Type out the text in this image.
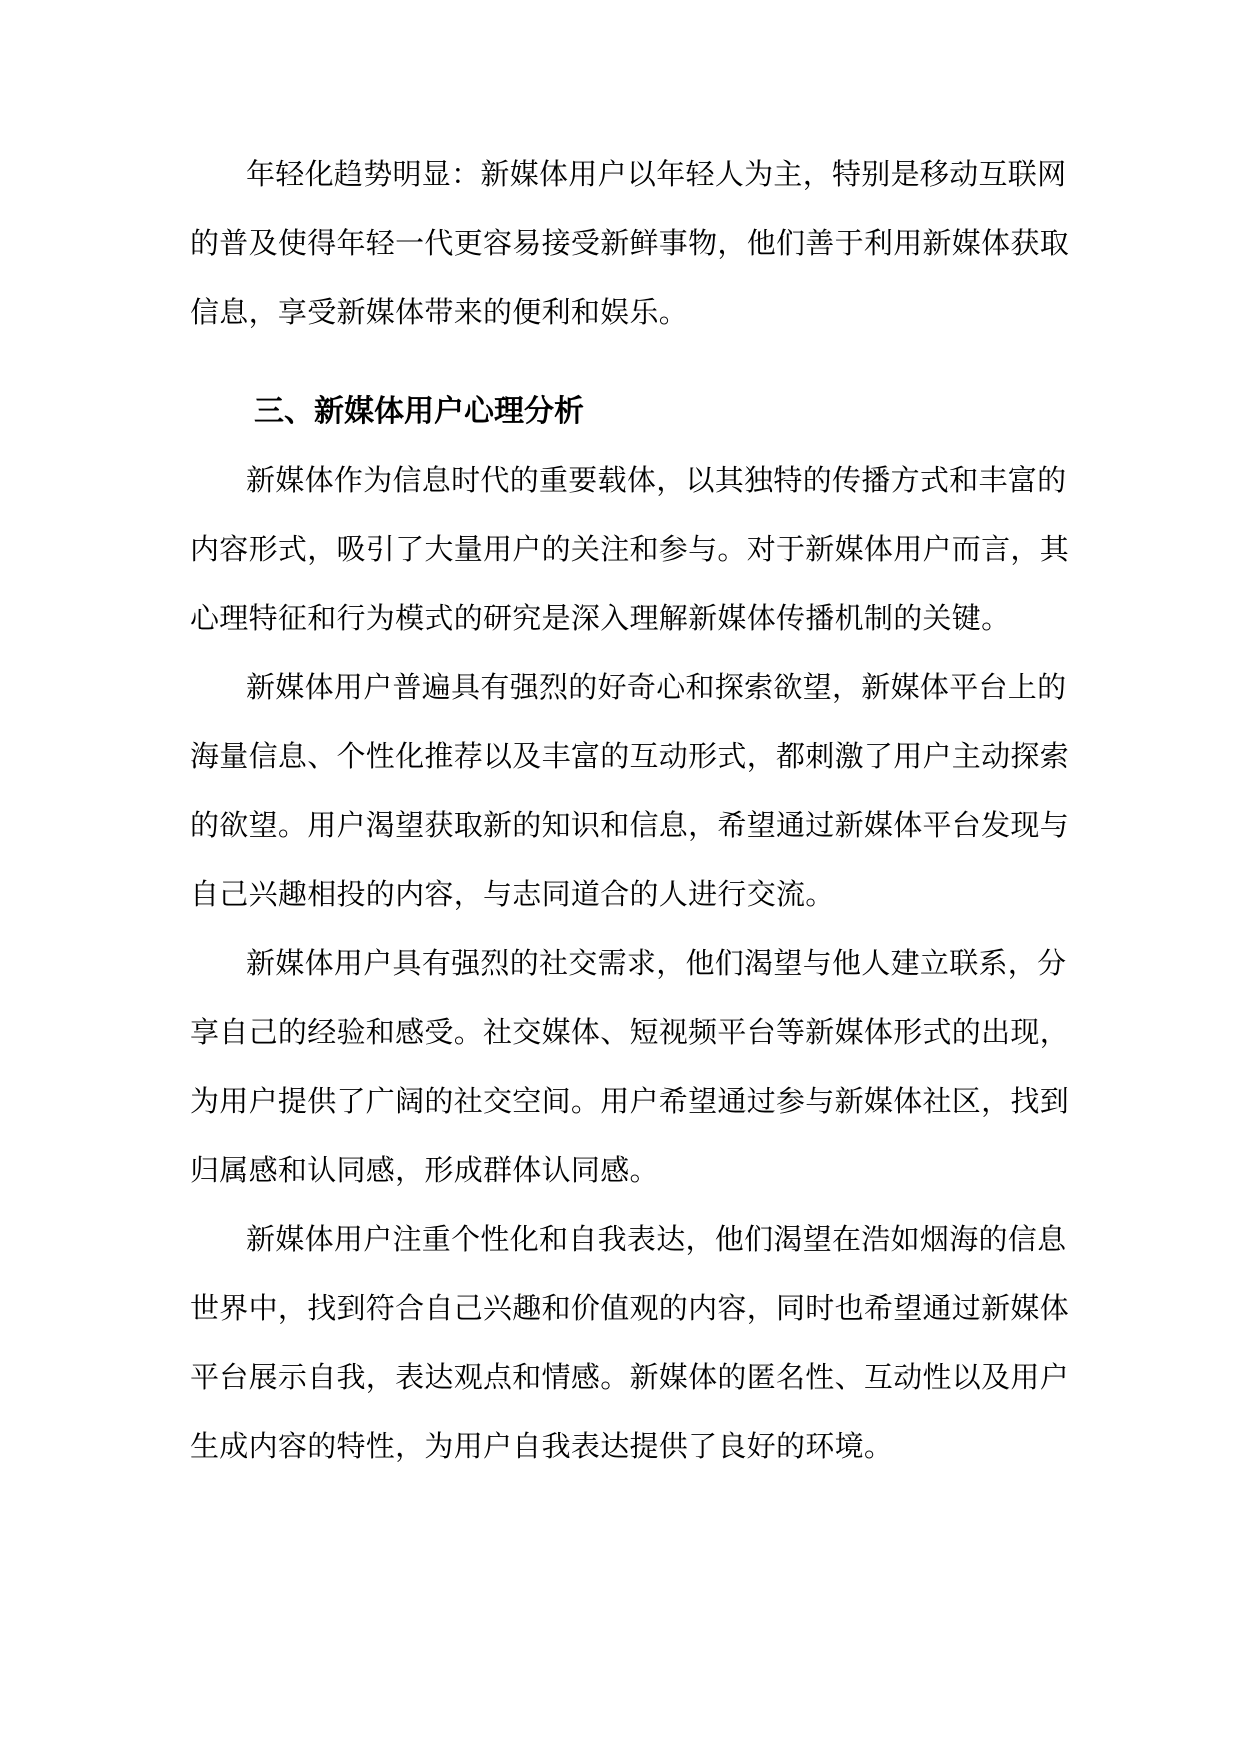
年轻化趋势明显：新媒体用户以年轻人为主，特别是移动互联网
的普及使得年轻一代更容易接受新鲜事物，他们善于利用新媒体获取
信息，享受新媒体带来的便利和娱乐。
三、新媒体用户心理分析
新媒体作为信息时代的重要载体，以其独特的传播方式和丰富的
内容形式，吸引了大量用户的关注和参与。对于新媒体用户而言，其
心理特征和行为模式的研究是深入理解新媒体传播机制的关键。
新媒体用户普遍具有强烈的好奇心和探索欲望，新媒体平台上的
海量信息、个性化推荐以及丰富的互动形式，都刺激了用户主动探索
的欲望。用户渴望获取新的知识和信息，希望通过新媒体平台发现与
自己兴趣相投的内容，与志同道合的人进行交流。
新媒体用户具有强烈的社交需求，他们渴望与他人建立联系，分
享自己的经验和感受。社交媒体、短视频平台等新媒体形式的出现，
为用户提供了广阔的社交空间。用户希望通过参与新媒体社区，找到
归属感和认同感，形成群体认同感。
新媒体用户注重个性化和自我表达，他们渴望在浩如烟海的信息
世界中，找到符合自己兴趣和价值观的内容，同时也希望通过新媒体
平台展示自我，表达观点和情感。新媒体的匿名性、互动性以及用户
生成内容的特性，为用户自我表达提供了良好的环境。
